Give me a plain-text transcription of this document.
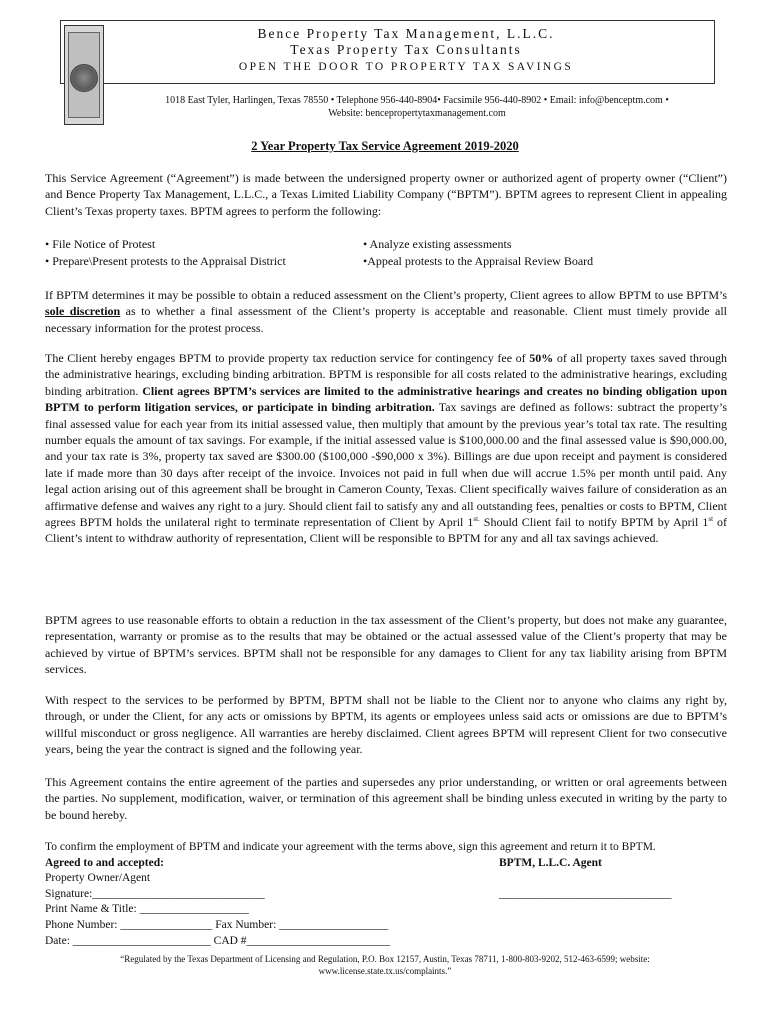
Bence Property Tax Management, L.L.C.
Texas Property Tax Consultants
OPEN THE DOOR TO PROPERTY TAX SAVINGS
1018 East Tyler, Harlingen, Texas 78550 • Telephone 956-440-8904• Facsimile 956-440-8902 • Email: info@benceptm.com •
Website: bencepropertytaxmanagement.com
2 Year Property Tax Service Agreement 2019-2020
This Service Agreement (“Agreement”) is made between the undersigned property owner or authorized agent of property owner (“Client”) and Bence Property Tax Management, L.L.C., a Texas Limited Liability Company (“BPTM”). BPTM agrees to represent Client in appealing Client’s Texas property taxes. BPTM agrees to perform the following:
• File Notice of Protest
• Prepare\Present protests to the Appraisal District
• Analyze existing assessments
•Appeal protests to the Appraisal Review Board
If BPTM determines it may be possible to obtain a reduced assessment on the Client’s property, Client agrees to allow BPTM to use BPTM’s sole discretion as to whether a final assessment of the Client’s property is acceptable and reasonable. Client must timely provide all necessary information for the protest process.
The Client hereby engages BPTM to provide property tax reduction service for contingency fee of 50% of all property taxes saved through the administrative hearings, excluding binding arbitration. BPTM is responsible for all costs related to the administrative hearings, excluding binding arbitration. Client agrees BPTM’s services are limited to the administrative hearings and creates no binding obligation upon BPTM to perform litigation services, or participate in binding arbitration. Tax savings are defined as follows: subtract the property’s final assessed value for each year from its initial assessed value, then multiply that amount by the previous year’s total tax rate. The resulting number equals the amount of tax savings. For example, if the initial assessed value is $100,000.00 and the final assessed value is $90,000.00, and your tax rate is 3%, property tax saved are $300.00 ($100,000 -$90,000 x 3%). Billings are due upon receipt and payment is considered late if made more than 30 days after receipt of the invoice. Invoices not paid in full when due will accrue 1.5% per month until paid. Any legal action arising out of this agreement shall be brought in Cameron County, Texas. Client specifically waives failure of consideration as an affirmative defense and waives any right to a jury. Should client fail to satisfy any and all outstanding fees, penalties or costs to BPTM, Client agrees BPTM holds the unilateral right to terminate representation of Client by April $1^{st.}$ Should Client fail to notify BPTM by April 1st of Client’s intent to withdraw authority of representation, Client will be responsible to BPTM for any and all tax savings achieved.
BPTM agrees to use reasonable efforts to obtain a reduction in the tax assessment of the Client’s property, but does not make any guarantee, representation, warranty or promise as to the results that may be obtained or the actual assessed value of the Client’s property that may be achieved by virtue of BPTM’s services. BPTM shall not be responsible for any damages to Client for any tax liability arising from BPTM services.
With respect to the services to be performed by BPTM, BPTM shall not be liable to the Client nor to anyone who claims any right by, through, or under the Client, for any acts or omissions by BPTM, its agents or employees unless said acts or omissions are due to BPTM’s willful misconduct or gross negligence. All warranties are hereby disclaimed. Client agrees BPTM will represent Client for two consecutive years, being the year the contract is signed and the following year.
This Agreement contains the entire agreement of the parties and supersedes any prior understanding, or written or oral agreements between the parties. No supplement, modification, waiver, or termination of this agreement shall be binding unless executed in writing by the party to be bound hereby.
To confirm the employment of BPTM and indicate your agreement with the terms above, sign this agreement and return it to BPTM.
Agreed to and accepted:	BPTM, L.L.C. Agent
Property Owner/Agent
Signature:______________________________	______________________________
Print Name & Title: ___________________
Phone Number: ________________ Fax Number: ___________________
Date: ________________________ CAD #_________________________
“Regulated by the Texas Department of Licensing and Regulation, P.O. Box 12157, Austin, Texas 78711, 1-800-803-9202, 512-463-6599; website:
www.license.state.tx.us/complaints.”
